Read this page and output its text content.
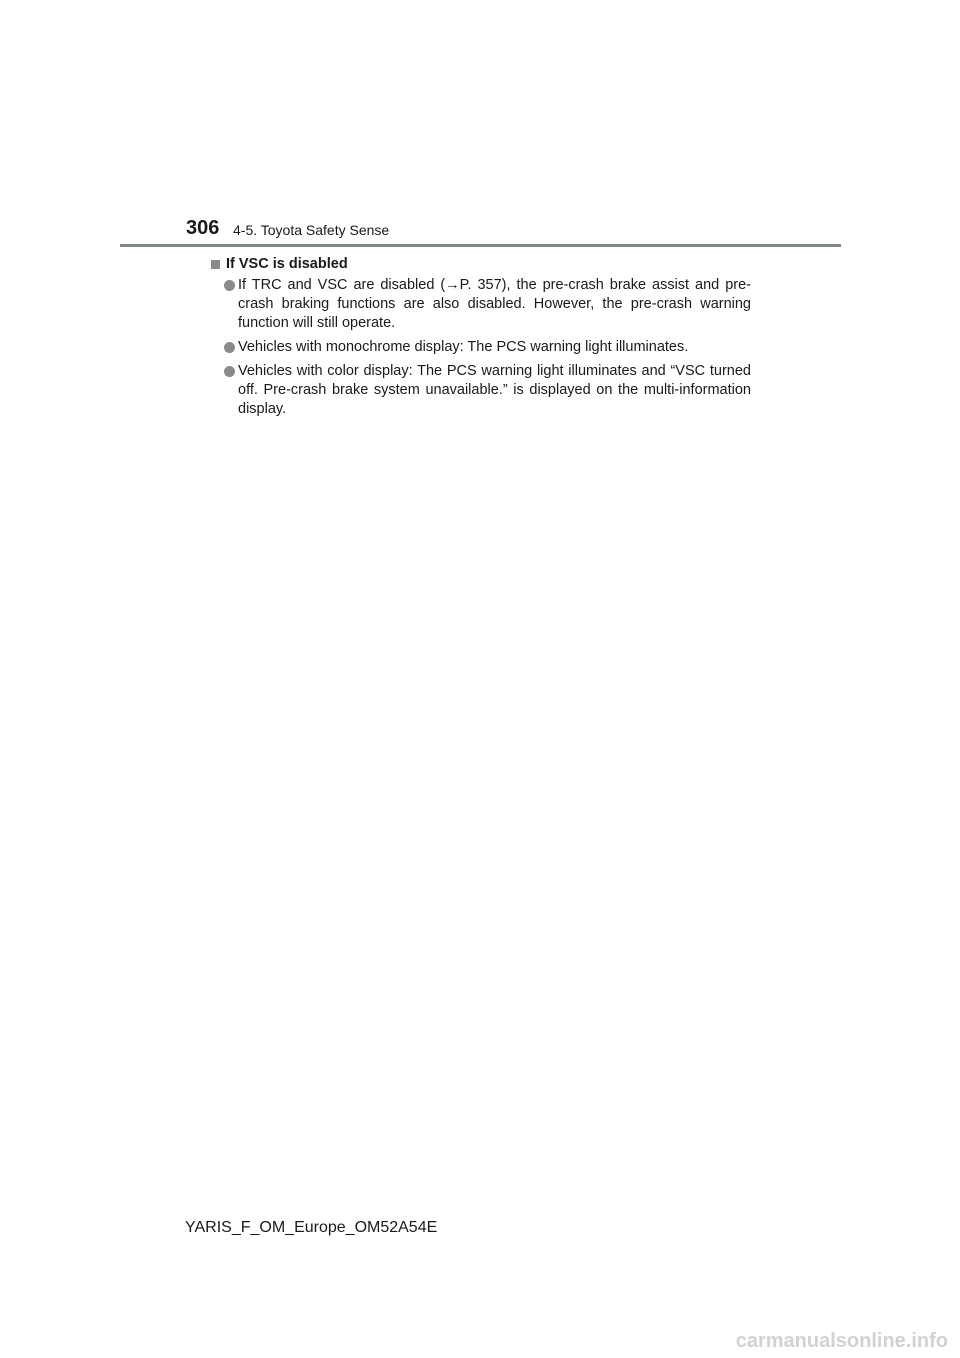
306 4-5. Toyota Safety Sense
If VSC is disabled
If TRC and VSC are disabled (→P. 357), the pre-crash brake assist and pre-crash braking functions are also disabled. However, the pre-crash warning function will still operate.
Vehicles with monochrome display: The PCS warning light illuminates.
Vehicles with color display: The PCS warning light illuminates and “VSC turned off. Pre-crash brake system unavailable.” is displayed on the multi-information display.
YARIS_F_OM_Europe_OM52A54E
carmanualsonline.info
